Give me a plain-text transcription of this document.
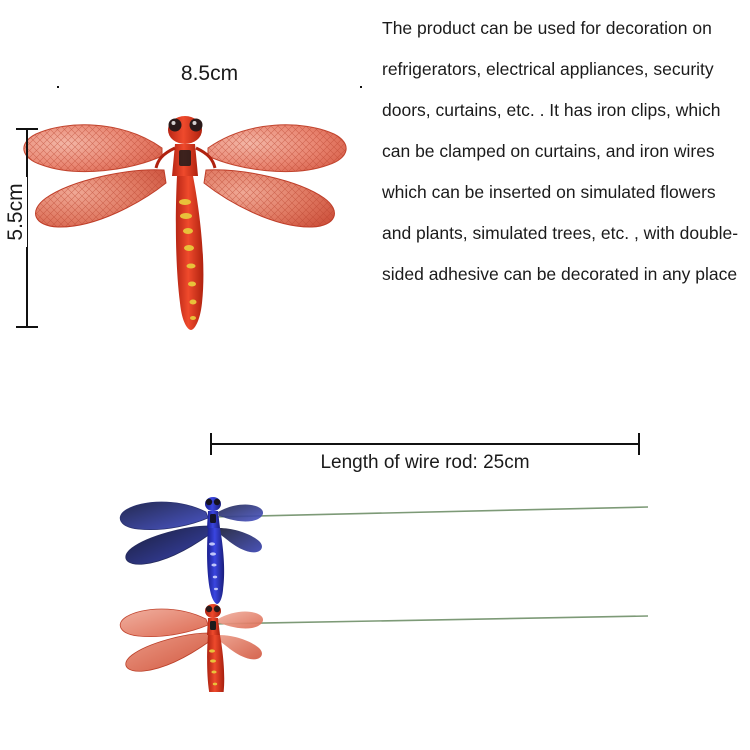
8.5cm
5.5cm

The product can be used for decoration on refrigerators, electrical appliances, security doors, curtains, etc. . It has iron clips, which can be clamped on curtains, and iron wires which can be inserted on simulated flowers and plants, simulated trees, etc. , with double-sided adhesive can be decorated in any place

Length of wire rod: 25cm
